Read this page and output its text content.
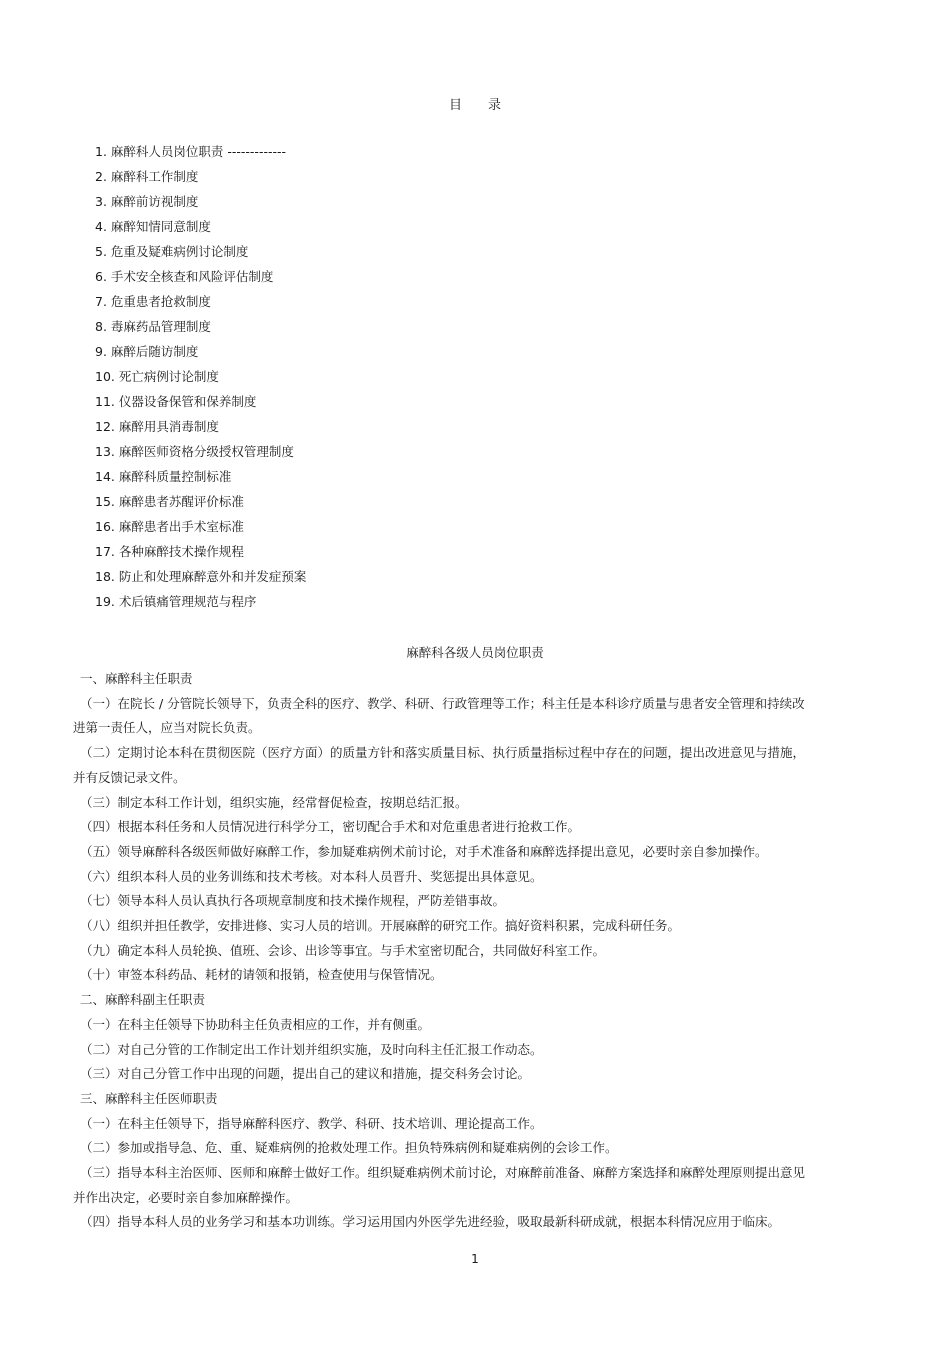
目 录
1. 麻醉科人员岗位职责 -------------
2. 麻醉科工作制度
3. 麻醉前访视制度
4. 麻醉知情同意制度
5. 危重及疑难病例讨论制度
6. 手术安全核查和风险评估制度
7. 危重患者抢救制度
8. 毒麻药品管理制度
9. 麻醉后随访制度
10. 死亡病例讨论制度
11. 仪器设备保管和保养制度
12. 麻醉用具消毒制度
13. 麻醉医师资格分级授权管理制度
14. 麻醉科质量控制标准
15. 麻醉患者苏醒评价标准
16. 麻醉患者出手术室标准
17. 各种麻醉技术操作规程
18. 防止和处理麻醉意外和并发症预案
19. 术后镇痛管理规范与程序
麻醉科各级人员岗位职责
一、麻醉科主任职责
（一）在院长 / 分管院长领导下，负责全科的医疗、教学、科研、行政管理等工作；科主任是本科诊疗质量与患者安全管理和持续改
进第一责任人，应当对院长负责。
（二）定期讨论本科在贯彻医院（医疗方面）的质量方针和落实质量目标、执行质量指标过程中存在的问题，提出改进意见与措施，
并有反馈记录文件。
（三）制定本科工作计划，组织实施，经常督促检查，按期总结汇报。
（四）根据本科任务和人员情况进行科学分工，密切配合手术和对危重患者进行抢救工作。
（五）领导麻醉科各级医师做好麻醉工作，参加疑难病例术前讨论，对手术准备和麻醉选择提出意见，必要时亲自参加操作。
（六）组织本科人员的业务训练和技术考核。对本科人员晋升、奖惩提出具体意见。
（七）领导本科人员认真执行各项规章制度和技术操作规程，严防差错事故。
（八）组织并担任教学，安排进修、实习人员的培训。开展麻醉的研究工作。搞好资料积累，完成科研任务。
（九）确定本科人员轮换、值班、会诊、出诊等事宜。与手术室密切配合，共同做好科室工作。
（十）审签本科药品、耗材的请领和报销，检查使用与保管情况。
二、麻醉科副主任职责
（一）在科主任领导下协助科主任负责相应的工作，并有侧重。
（二）对自己分管的工作制定出工作计划并组织实施，及时向科主任汇报工作动态。
（三）对自己分管工作中出现的问题，提出自己的建议和措施，提交科务会讨论。
三、麻醉科主任医师职责
（一）在科主任领导下，指导麻醉科医疗、教学、科研、技术培训、理论提高工作。
（二）参加或指导急、危、重、疑难病例的抢救处理工作。担负特殊病例和疑难病例的会诊工作。
（三）指导本科主治医师、医师和麻醉士做好工作。组织疑难病例术前讨论，对麻醉前准备、麻醉方案选择和麻醉处理原则提出意见
并作出决定，必要时亲自参加麻醉操作。
（四）指导本科人员的业务学习和基本功训练。学习运用国内外医学先进经验，吸取最新科研成就，根据本科情况应用于临床。
1
